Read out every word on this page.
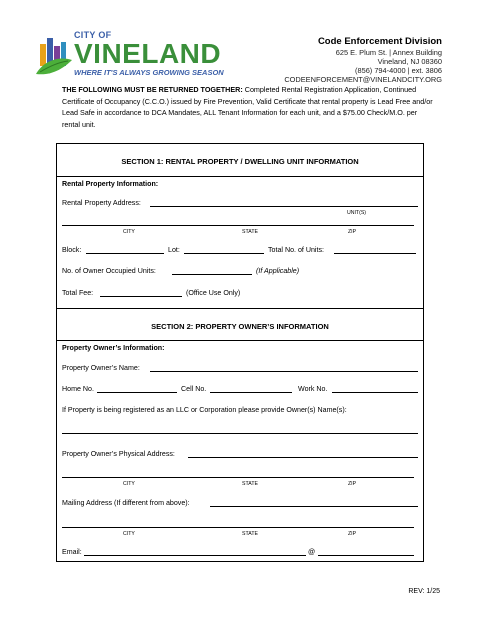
CITY OF
VINELAND
WHERE IT'S ALWAYS GROWING SEASON
Code Enforcement Division
625 E. Plum St. | Annex Building
Vineland, NJ 08360
(856) 794-4000 | ext. 3806
CODEENFORCEMENT@VINELANDCITY.ORG
THE FOLLOWING MUST BE RETURNED TOGETHER: Completed Rental Registration Application, Continued Certificate of Occupancy (C.C.O.) issued by Fire Prevention, Valid Certificate that rental property is Lead Free and/or Lead Safe in accordance to DCA Mandates, ALL Tenant Information for each unit, and a $75.00 Check/M.O. per rental unit.
SECTION 1: RENTAL PROPERTY / DWELLING UNIT INFORMATION
Rental Property Information:
Rental Property Address:
UNIT(S)
CITY	STATE	ZIP
Block:	Lot:	Total No. of Units:
No. of Owner Occupied Units:	(If Applicable)
Total Fee:	(Office Use Only)
SECTION 2: PROPERTY OWNER’S INFORMATION
Property Owner’s Information:
Property Owner’s Name:
Home No.	Cell No.	Work No.
If Property is being registered as an LLC or Corporation please provide Owner(s) Name(s):
Property Owner’s Physical Address:
CITY	STATE	ZIP
Mailing Address (If different from above):
CITY	STATE	ZIP
Email:	@
REV: 1/25
